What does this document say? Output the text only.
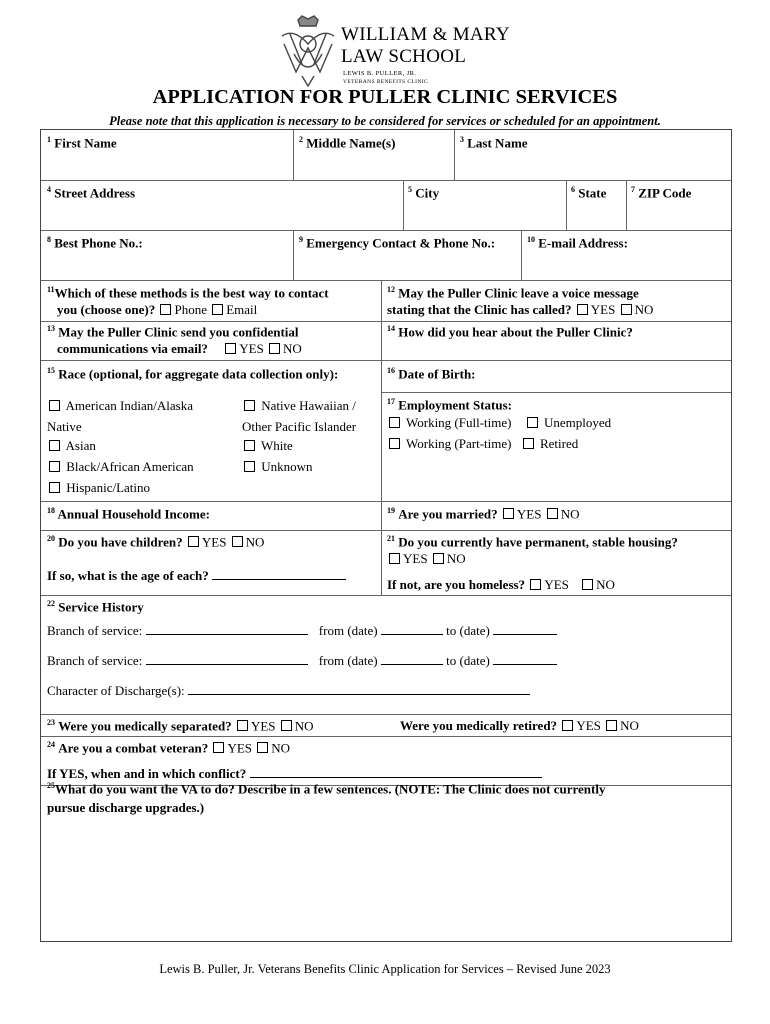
WILLIAM & MARY
LAW SCHOOL
LEWIS B. PULLER, JR.
VETERANS BENEFITS CLINIC
APPLICATION FOR PULLER CLINIC SERVICES
Please note that this application is necessary to be considered for services or scheduled for an appointment.
$^1$ First Name	$^2$ Middle Name(s)	$^3$ Last Name
$^4$ Street Address	$^5$ City	$^6$ State	$^7$ ZIP Code
$^8$ Best Phone No.:	$^9$ Emergency Contact & Phone No.:	$^{10}$ E-mail Address:
$^{11}$Which of these methods is the best way to contact
you (choose one)? Phone Email
$^{12}$ May the Puller Clinic leave a voice message
stating that the Clinic has called? YES NO
$^{13}$ May the Puller Clinic send you confidential
communications via email? YES NO
$^{14}$ How did you hear about the Puller Clinic?
$^{15}$ Race (optional, for aggregate data collection only):
American Indian/Alaska
Native
Asian
Black/African American
Hispanic/Latino
Native Hawaiian /
Other Pacific Islander
White
Unknown
$^{16}$ Date of Birth:
$^{17}$ Employment Status:
Working (Full-time)	Unemployed
Working (Part-time) Retired
$^{18}$ Annual Household Income:	$^{19}$ Are you married? YES NO
$^{20}$ Do you have children? YES NO
If so, what is the age of each?
$^{21}$ Do you currently have permanent, stable housing?
YES NO
If not, are you homeless? YES NO
$^{22}$ Service History
Branch of service:	from (date)	to (date)
Branch of service:	from (date)	to (date)
Character of Discharge(s):
$^{23}$ Were you medically separated? YES NO	Were you medically retired? YES NO
$^{24}$ Are you a combat veteran? YES NO
If YES, when and in which conflict?
$^{25}$What do you want the VA to do? Describe in a few sentences. (NOTE: The Clinic does not currently
pursue discharge upgrades.)
Lewis B. Puller, Jr. Veterans Benefits Clinic Application for Services – Revised June 2023
